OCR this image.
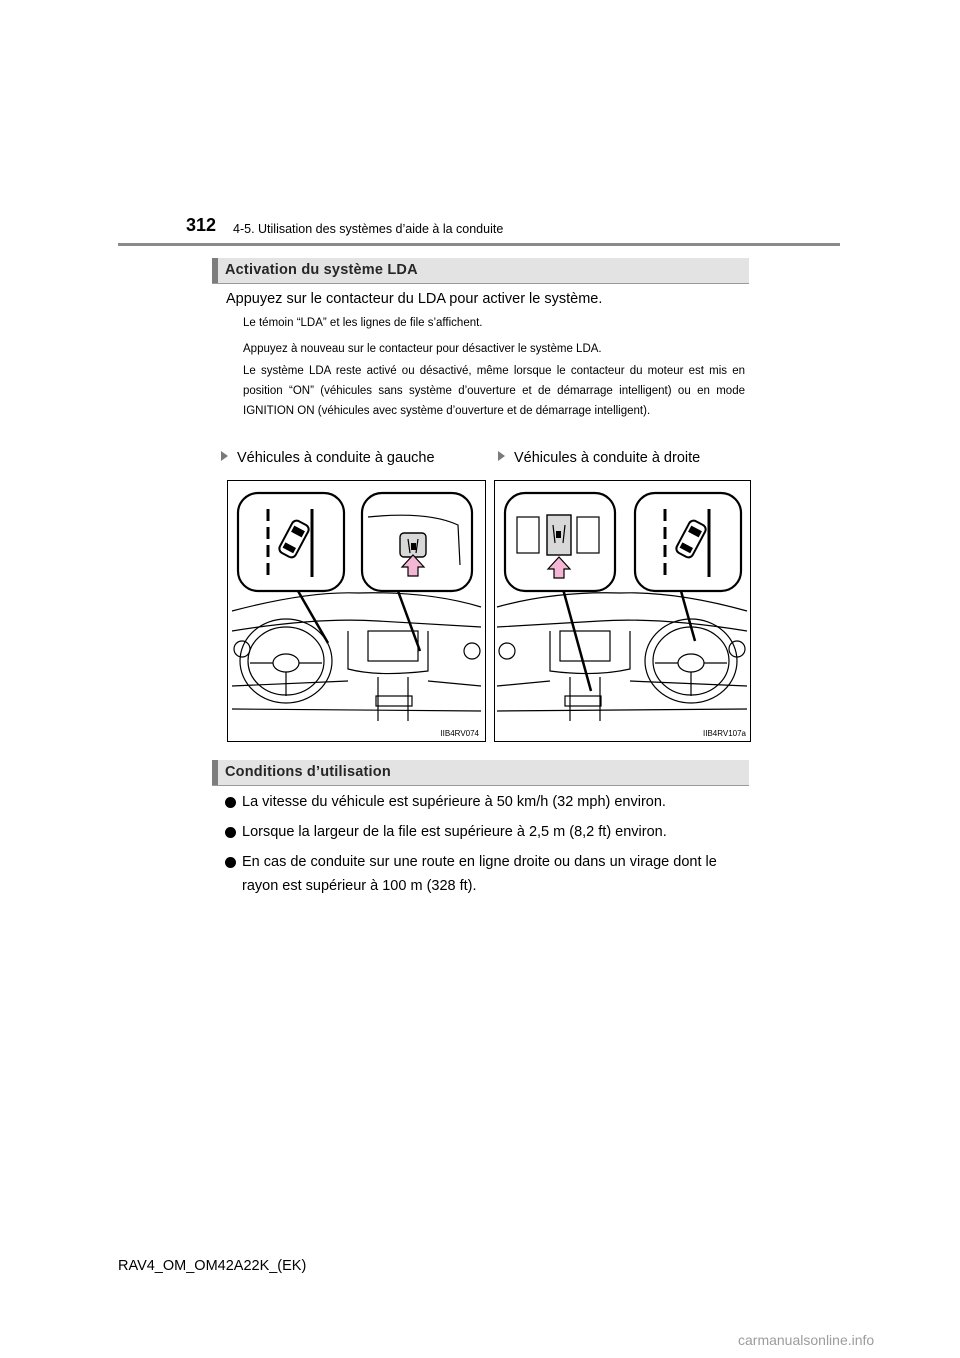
312 4-5. Utilisation des systèmes d’aide à la conduite
Activation du système LDA
Appuyez sur le contacteur du LDA pour activer le système.
Le témoin “LDA” et les lignes de file s’affichent.
Appuyez à nouveau sur le contacteur pour désactiver le système LDA.
Le système LDA reste activé ou désactivé, même lorsque le contacteur du moteur est mis en position “ON” (véhicules sans système d’ouverture et de démarrage intelligent) ou en mode IGNITION ON (véhicules avec système d’ouverture et de démarrage intelligent).
Véhicules à conduite à gauche	Véhicules à conduite à droite
IIB4RV074	IIB4RV107a
Conditions d’utilisation
La vitesse du véhicule est supérieure à 50 km/h (32 mph) environ.
Lorsque la largeur de la file est supérieure à 2,5 m (8,2 ft) environ.
En cas de conduite sur une route en ligne droite ou dans un virage dont le rayon est supérieur à 100 m (328 ft).
RAV4_OM_OM42A22K_(EK)
carmanualsonline.info
